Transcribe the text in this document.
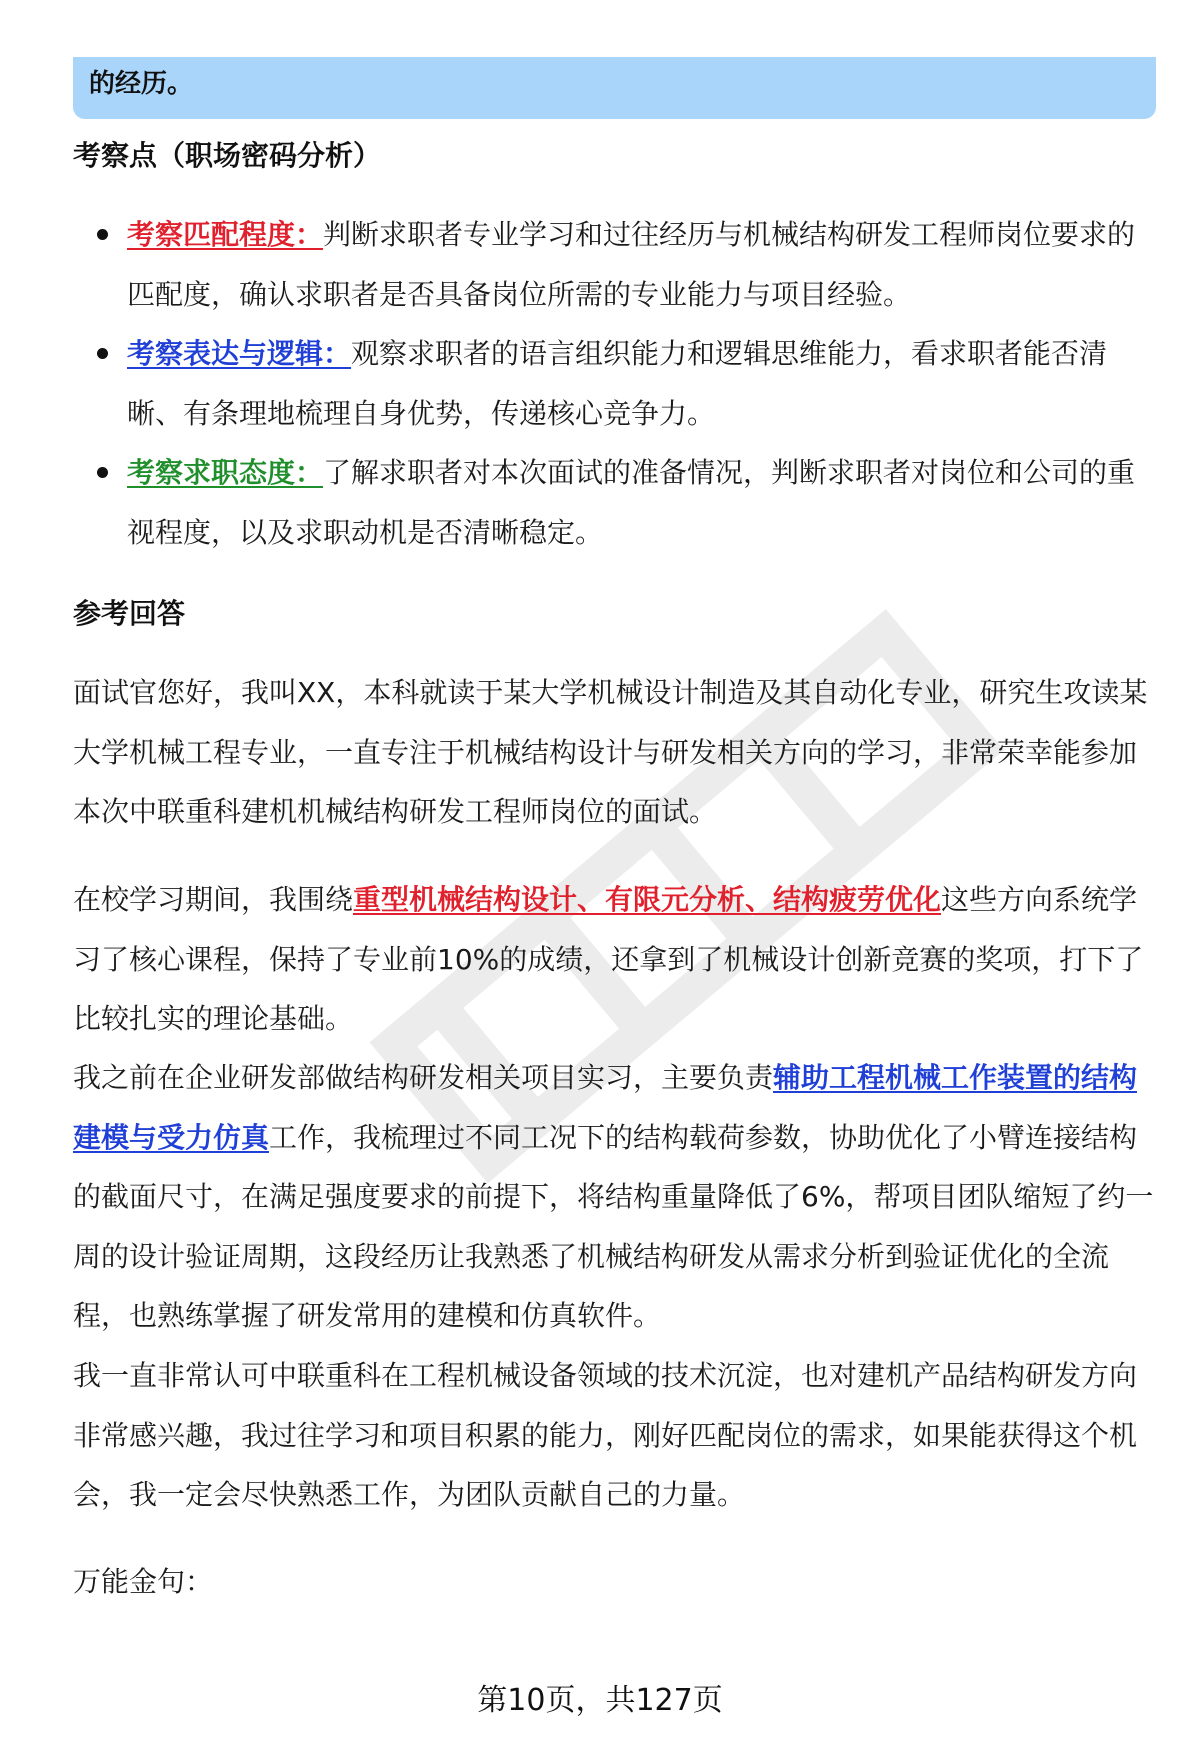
的经历。
考察点（职场密码分析）
考察匹配程度：判断求职者专业学习和过往经历与机械结构研发工程师岗位要求的匹配度，确认求职者是否具备岗位所需的专业能力与项目经验。
考察表达与逻辑：观察求职者的语言组织能力和逻辑思维能力，看求职者能否清晰、有条理地梳理自身优势，传递核心竞争力。
考察求职态度：了解求职者对本次面试的准备情况，判断求职者对岗位和公司的重视程度，以及求职动机是否清晰稳定。
参考回答

面试官您好，我叫XX，本科就读于某大学机械设计制造及其自动化专业，研究生攻读某大学机械工程专业，一直专注于机械结构设计与研发相关方向的学习，非常荣幸能参加本次中联重科建机机械结构研发工程师岗位的面试。

在校学习期间，我围绕重型机械结构设计、有限元分析、结构疲劳优化这些方向系统学习了核心课程，保持了专业前10%的成绩，还拿到了机械设计创新竞赛的奖项，打下了比较扎实的理论基础。

我之前在企业研发部做结构研发相关项目实习，主要负责辅助工程机械工作装置的结构建模与受力仿真工作，我梳理过不同工况下的结构载荷参数，协助优化了小臂连接结构的截面尺寸，在满足强度要求的前提下，将结构重量降低了6%，帮项目团队缩短了约一周的设计验证周期，这段经历让我熟悉了机械结构研发从需求分析到验证优化的全流程，也熟练掌握了研发常用的建模和仿真软件。

我一直非常认可中联重科在工程机械设备领域的技术沉淀，也对建机产品结构研发方向非常感兴趣，我过往学习和项目积累的能力，刚好匹配岗位的需求，如果能获得这个机会，我一定会尽快熟悉工作，为团队贡献自己的力量。

万能金句：

第10页，共127页
